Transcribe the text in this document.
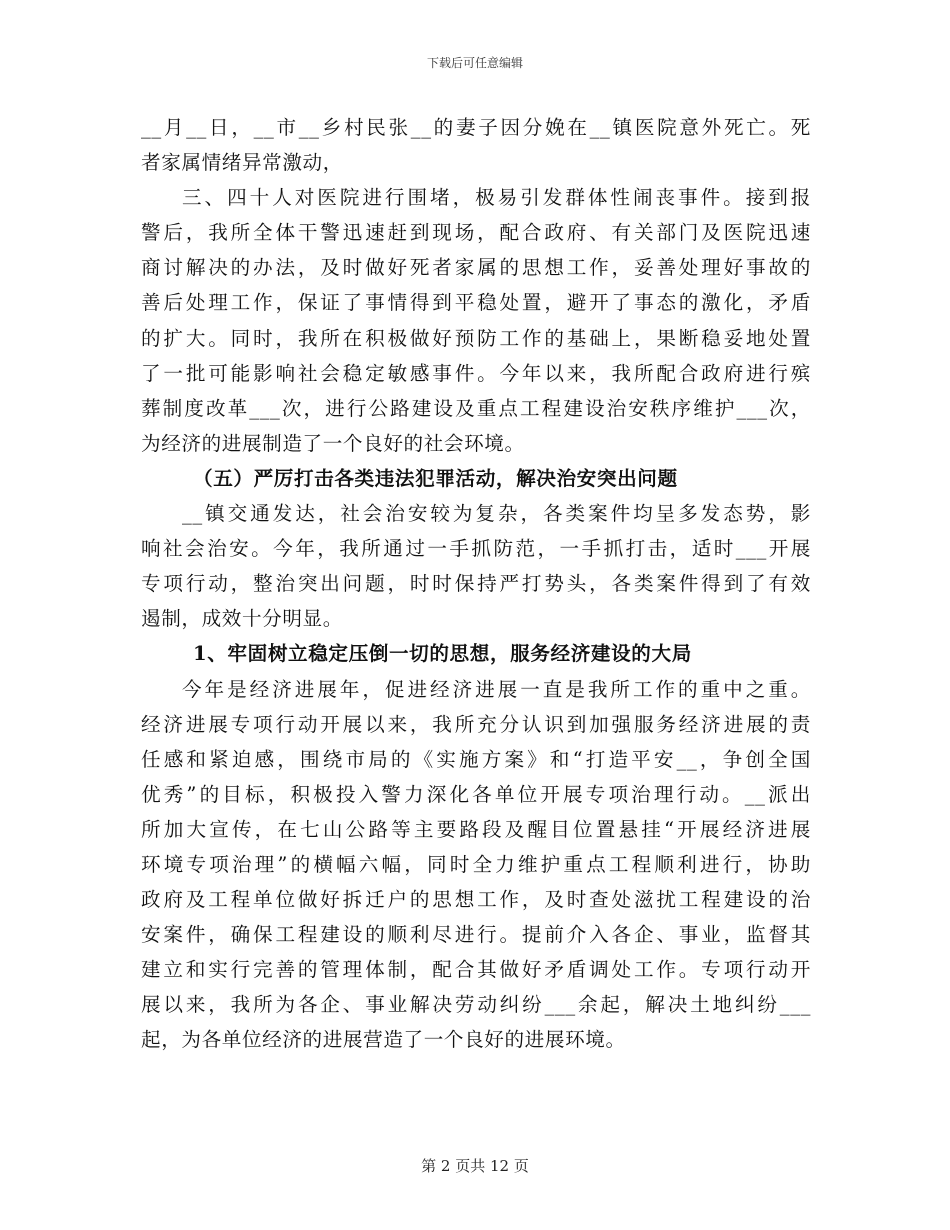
下载后可任意编辑
__月__日，__市__乡村民张__的妻子因分娩在__镇医院意外死亡。死
者家属情绪异常激动，
三、四十人对医院进行围堵，极易引发群体性闹丧事件。接到报
警后，我所全体干警迅速赶到现场，配合政府、有关部门及医院迅速
商讨解决的办法，及时做好死者家属的思想工作，妥善处理好事故的
善后处理工作，保证了事情得到平稳处置，避开了事态的激化，矛盾
的扩大。同时，我所在积极做好预防工作的基础上，果断稳妥地处置
了一批可能影响社会稳定敏感事件。今年以来，我所配合政府进行殡
葬制度改革___次，进行公路建设及重点工程建设治安秩序维护___次，
为经济的进展制造了一个良好的社会环境。
（五）严厉打击各类违法犯罪活动，解决治安突出问题
__镇交通发达，社会治安较为复杂，各类案件均呈多发态势，影
响社会治安。今年，我所通过一手抓防范，一手抓打击，适时___开展
专项行动，整治突出问题，时时保持严打势头，各类案件得到了有效
遏制，成效十分明显。
1、牢固树立稳定压倒一切的思想，服务经济建设的大局
今年是经济进展年，促进经济进展一直是我所工作的重中之重。
经济进展专项行动开展以来，我所充分认识到加强服务经济进展的责
任感和紧迫感，围绕市局的《实施方案》和“打造平安__，争创全国
优秀”的目标，积极投入警力深化各单位开展专项治理行动。__派出
所加大宣传，在七山公路等主要路段及醒目位置悬挂“开展经济进展
环境专项治理”的横幅六幅，同时全力维护重点工程顺利进行，协助
政府及工程单位做好拆迁户的思想工作，及时查处滋扰工程建设的治
安案件，确保工程建设的顺利尽进行。提前介入各企、事业，监督其
建立和实行完善的管理体制，配合其做好矛盾调处工作。专项行动开
展以来，我所为各企、事业解决劳动纠纷___余起，解决土地纠纷___
起，为各单位经济的进展营造了一个良好的进展环境。
第 2 页共 12 页
